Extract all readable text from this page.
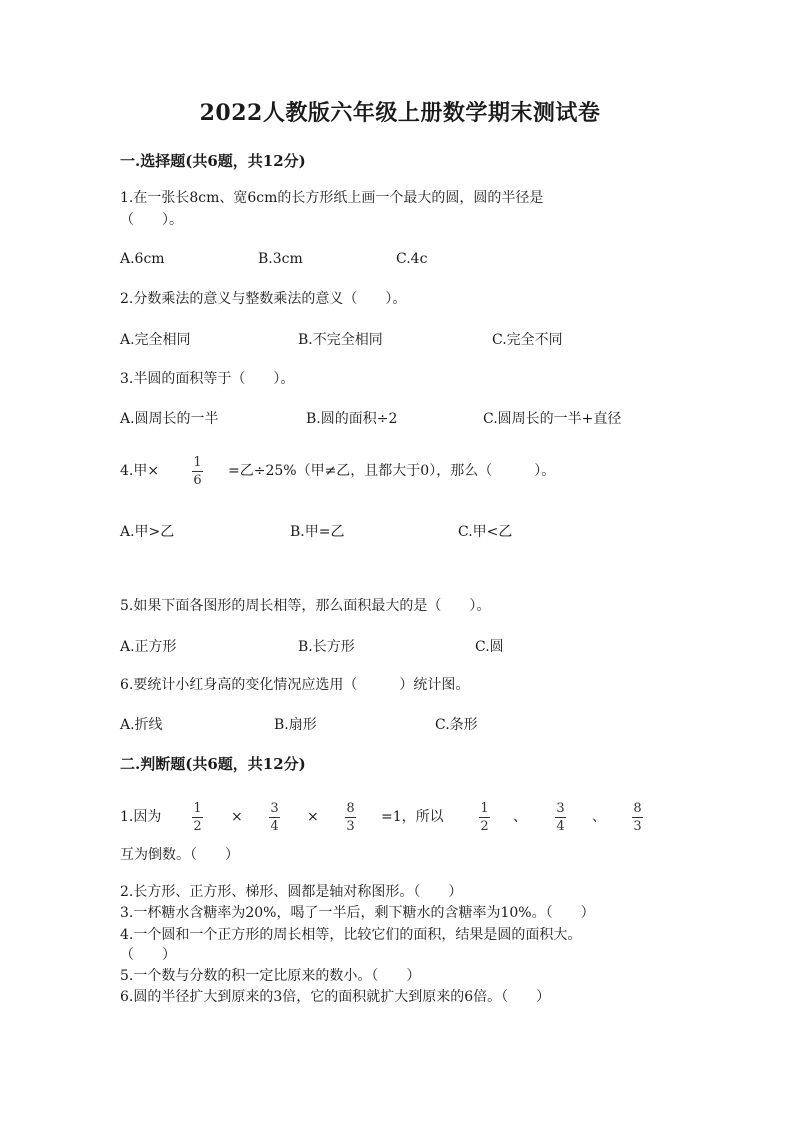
2022人教版六年级上册数学期末测试卷
一.选择题(共6题，共12分)
1.在一张长8cm、宽6cm的长方形纸上画一个最大的圆，圆的半径是
（　　）。
A.6cm	B.3cm	C.4c
2.分数乘法的意义与整数乘法的意义（　　）。
A.完全相同	B.不完全相同	C.完全不同
3.半圆的面积等于（　　）。
A.圆周长的一半	B.圆的面积÷2	C.圆周长的一半+直径
4.甲×
1
6
=乙÷25%（甲≠乙，且都大于0），那么（　　　）。
A.甲>乙	B.甲=乙	C.甲<乙
5.如果下面各图形的周长相等，那么面积最大的是（　　）。
A.正方形	B.长方形	C.圆
6.要统计小红身高的变化情况应选用（　　　）统计图。
A.折线	B.扇形	C.条形
二.判断题(共6题，共12分)
1.因为
1
2
×
3
4
×
8
3
=1，所以
1
2
、
3
4
、
8
3
互为倒数。（　　）
2.长方形、正方形、梯形、圆都是轴对称图形。（　　）
3.一杯糖水含糖率为20%，喝了一半后，剩下糖水的含糖率为10%。（　　）
4.一个圆和一个正方形的周长相等，比较它们的面积，结果是圆的面积大。
（　　）
5.一个数与分数的积一定比原来的数小。（　　）
6.圆的半径扩大到原来的3倍，它的面积就扩大到原来的6倍。（　　）
